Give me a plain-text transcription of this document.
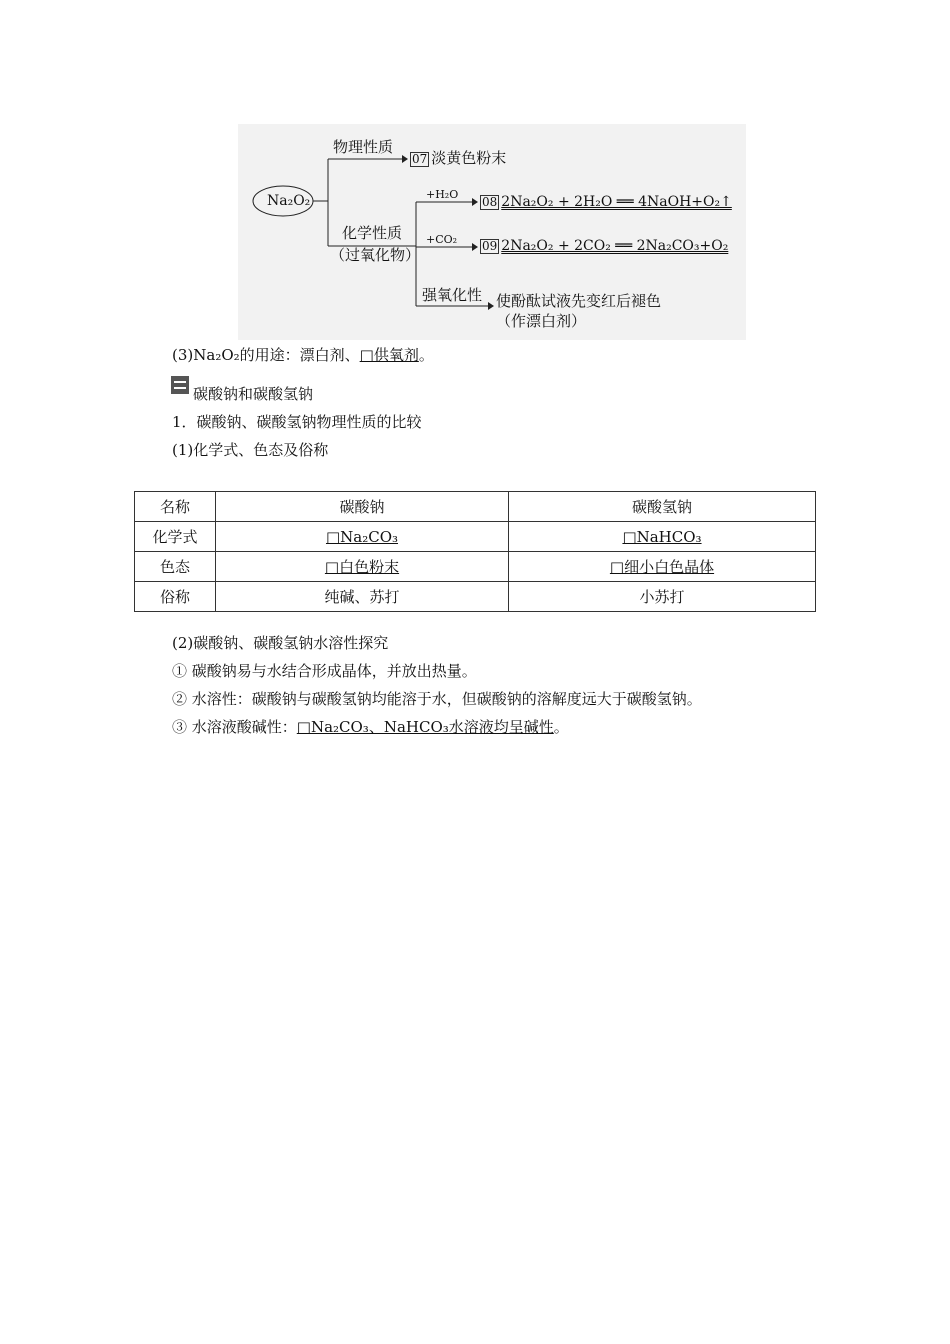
Na₂O₂
物理性质
07 淡黄色粉末
化学性质
（过氧化物）
+H₂O
08 2Na₂O₂ + 2H₂O ══ 4NaOH+O₂↑
+CO₂ 09 2Na₂O₂ + 2CO₂ ══ 2Na₂CO₃+O₂
强氧化性 使酚酞试液先变红后褪色
（作漂白剂）
(3)Na₂O₂的用途：漂白剂、□供氧剂。
碳酸钠和碳酸氢钠
1．碳酸钠、碳酸氢钠物理性质的比较
(1)化学式、色态及俗称
名称	碳酸钠	碳酸氢钠
化学式	□Na₂CO₃	□NaHCO₃
色态	□白色粉末	□细小白色晶体
俗称	纯碱、苏打	小苏打
(2)碳酸钠、碳酸氢钠水溶性探究
① 碳酸钠易与水结合形成晶体，并放出热量。
② 水溶性：碳酸钠与碳酸氢钠均能溶于水，但碳酸钠的溶解度远大于碳酸氢钠。
③ 水溶液酸碱性：□Na₂CO₃、NaHCO₃水溶液均呈碱性。
